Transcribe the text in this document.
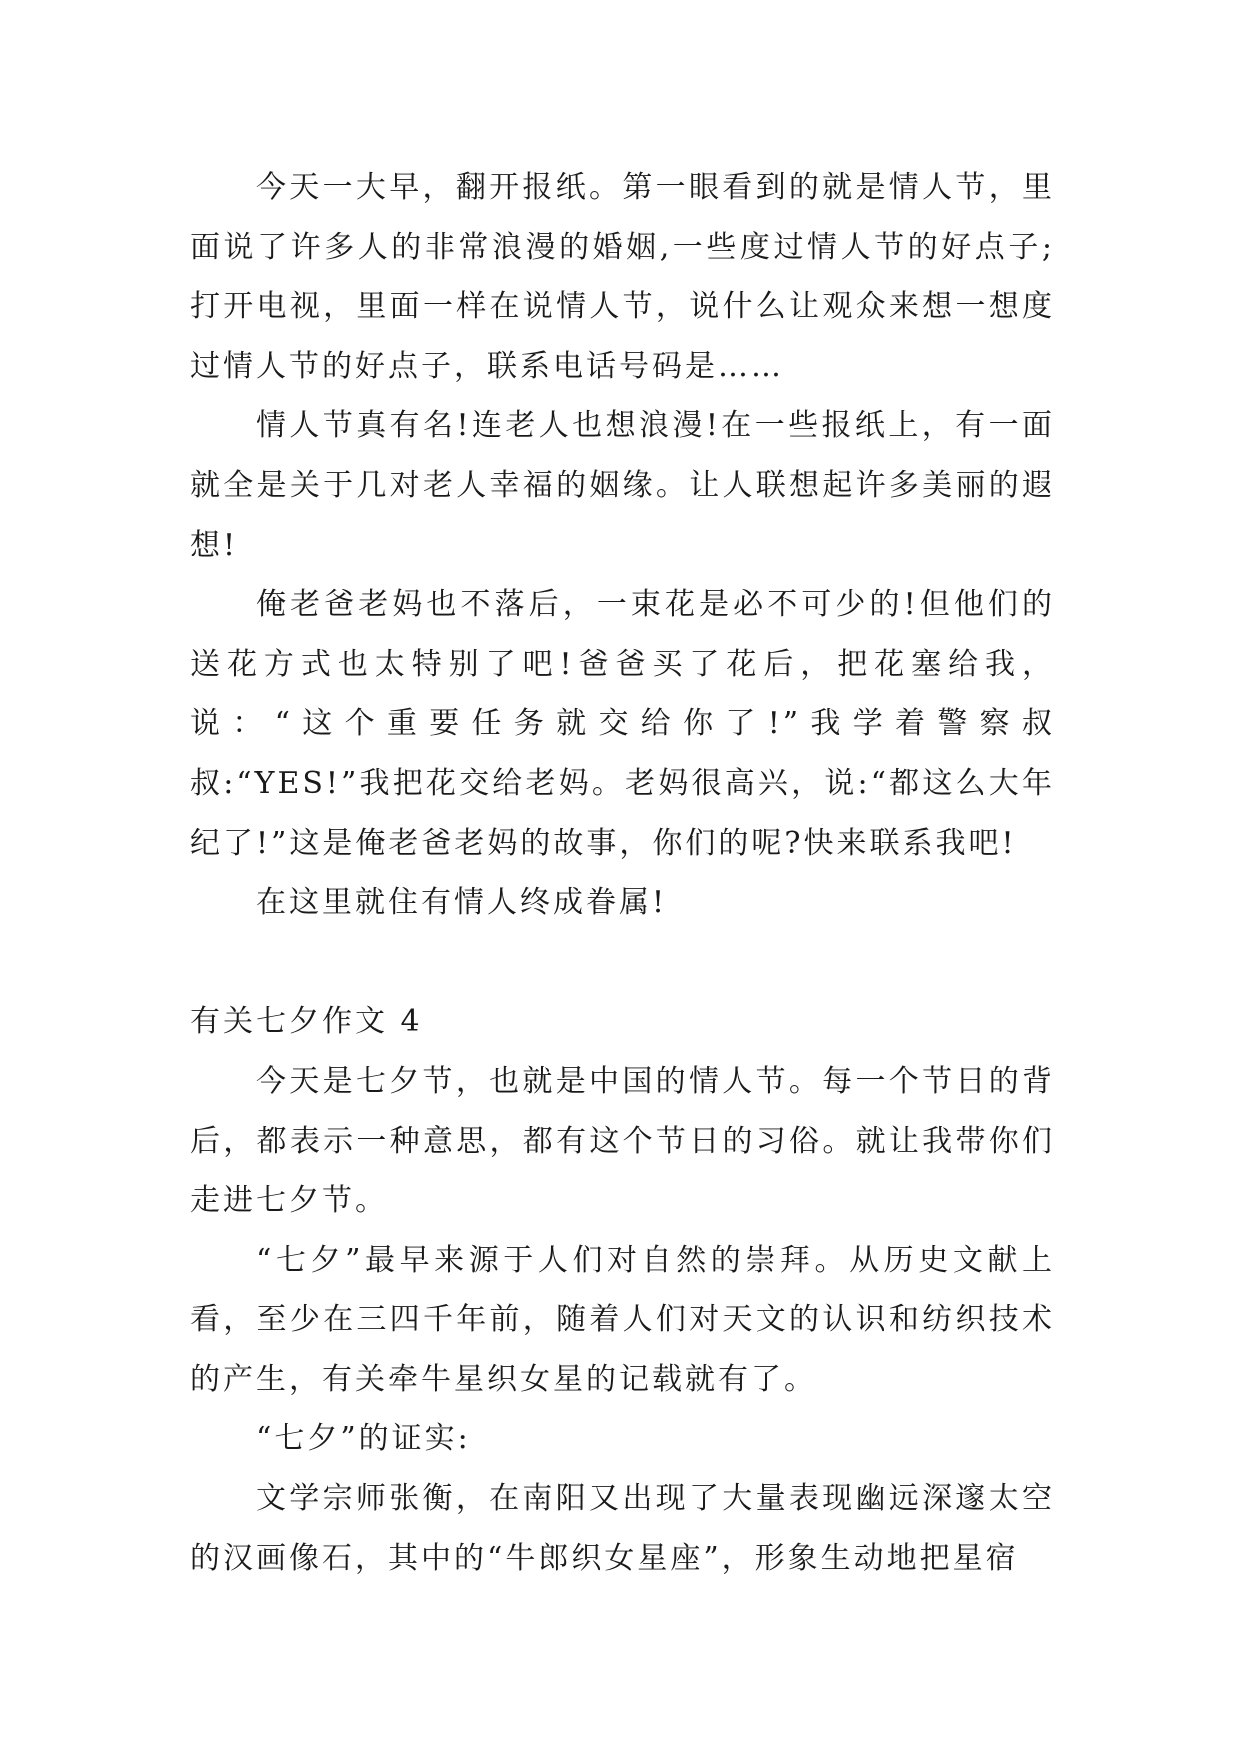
今天一大早，翻开报纸。第一眼看到的就是情人节，里面说了许多人的非常浪漫的婚姻,一些度过情人节的好点子;打开电视，里面一样在说情人节，说什么让观众来想一想度过情人节的好点子，联系电话号码是……

情人节真有名!连老人也想浪漫!在一些报纸上，有一面就全是关于几对老人幸福的姻缘。让人联想起许多美丽的遐想!

俺老爸老妈也不落后，一束花是必不可少的!但他们的送花方式也太特别了吧!爸爸买了花后，把花塞给我，说：“这个重要任务就交给你了!”我学着警察叔叔:“YES!”我把花交给老妈。老妈很高兴，说:“都这么大年纪了!”这是俺老爸老妈的故事，你们的呢?快来联系我吧!

在这里就住有情人终成眷属!

有关七夕作文 4

今天是七夕节，也就是中国的情人节。每一个节日的背后，都表示一种意思，都有这个节日的习俗。就让我带你们走进七夕节。

“七夕”最早来源于人们对自然的崇拜。从历史文献上看，至少在三四千年前，随着人们对天文的认识和纺织技术的产生，有关牵牛星织女星的记载就有了。

“七夕”的证实:

文学宗师张衡，在南阳又出现了大量表现幽远深邃太空的汉画像石，其中的“牛郎织女星座”，形象生动地把星宿
